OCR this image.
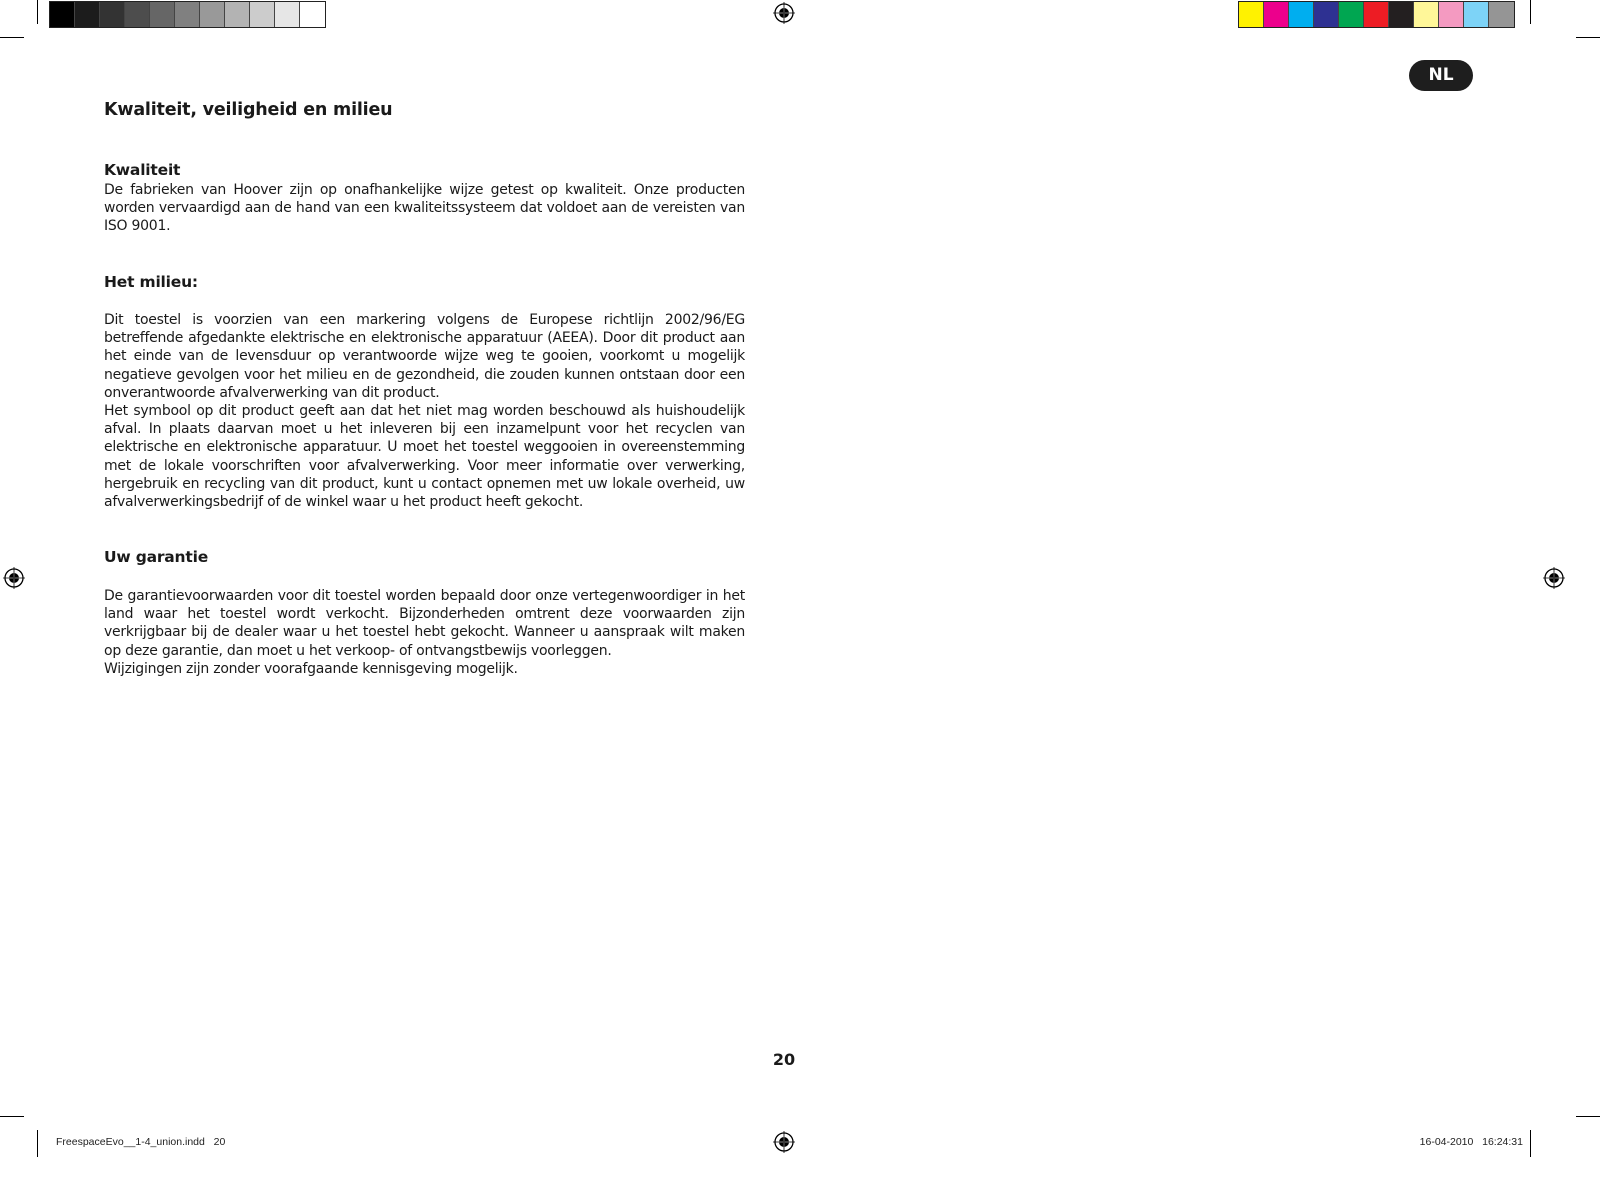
NL
Kwaliteit, veiligheid en milieu
Kwaliteit

De fabrieken van Hoover zijn op onafhankelijke wijze getest op kwaliteit. Onze producten worden vervaardigd aan de hand van een kwaliteitssysteem dat voldoet aan de vereisten van ISO 9001.

Het milieu:

Dit toestel is voorzien van een markering volgens de Europese richtlijn 2002/96/EG betreffende afgedankte elektrische en elektronische apparatuur (AEEA). Door dit product aan het einde van de levensduur op verantwoorde wijze weg te gooien, voorkomt u mogelijk negatieve gevolgen voor het milieu en de gezondheid, die zouden kunnen ontstaan door een onverantwoorde afvalverwerking van dit product.

Het symbool op dit product geeft aan dat het niet mag worden beschouwd als huishoudelijk afval. In plaats daarvan moet u het inleveren bij een inzamelpunt voor het recyclen van elektrische en elektronische apparatuur. U moet het toestel weggooien in overeenstemming met de lokale voorschriften voor afvalverwerking. Voor meer informatie over verwerking, hergebruik en recycling van dit product, kunt u contact opnemen met uw lokale overheid, uw afvalverwerkingsbedrijf of de winkel waar u het product heeft gekocht.

Uw garantie

De garantievoorwaarden voor dit toestel worden bepaald door onze vertegenwoordiger in het land waar het toestel wordt verkocht. Bijzonderheden omtrent deze voorwaarden zijn verkrijgbaar bij de dealer waar u het toestel hebt gekocht. Wanneer u aanspraak wilt maken op deze garantie, dan moet u het verkoop- of ontvangstbewijs voorleggen.

Wijzigingen zijn zonder voorafgaande kennisgeving mogelijk.

20
FreespaceEvo__1-4_union.indd   20	16-04-2010   16:24:31
